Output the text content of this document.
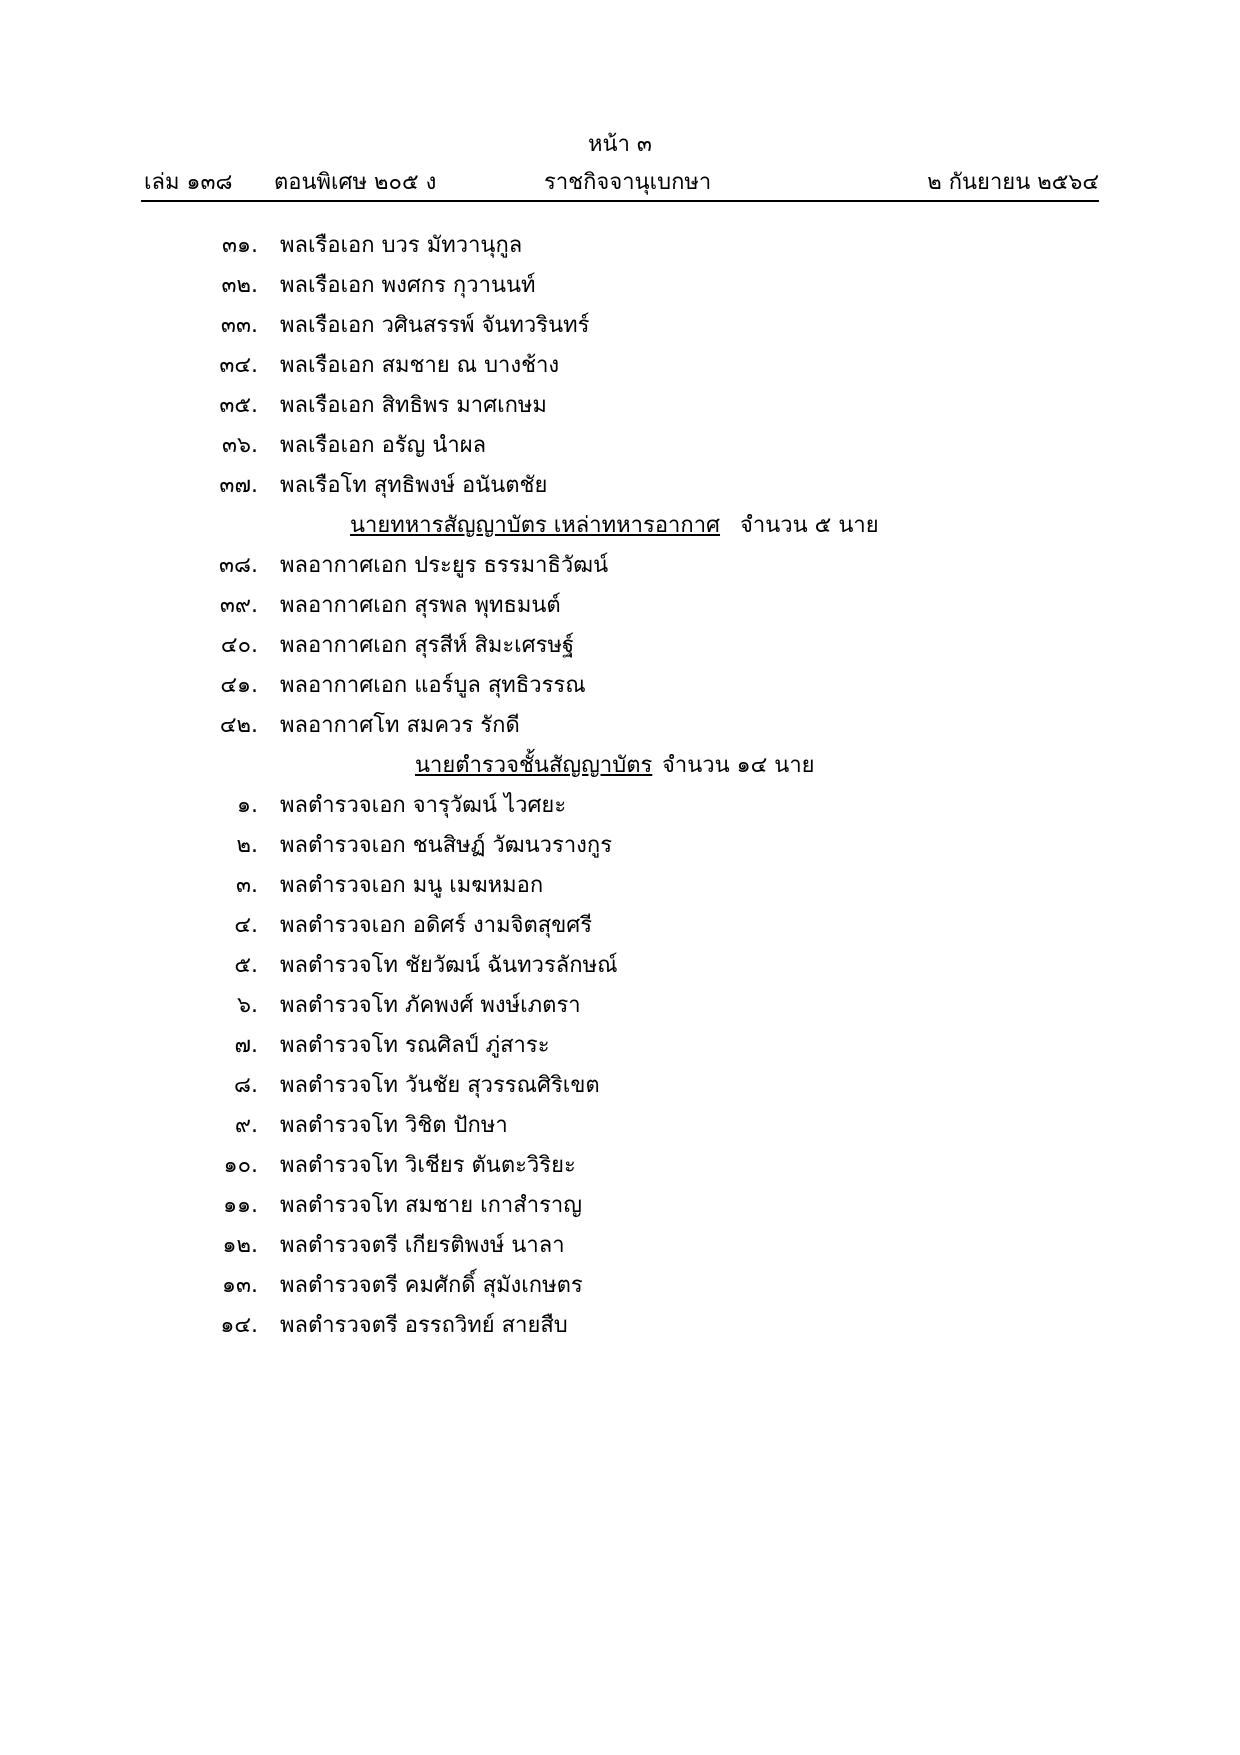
หน้า ๓
เล่ม ๑๓๘ ตอนพิเศษ ๒๐๕ ง	ราชกิจจานุเบกษา	๒ กันยายน ๒๕๖๔
๓๑. พลเรือเอก บวร มัทวานุกูล
๓๒. พลเรือเอก พงศกร กุวานนท์
๓๓. พลเรือเอก วศินสรรพ์ จันทวรินทร์
๓๔. พลเรือเอก สมชาย ณ บางช้าง
๓๕. พลเรือเอก สิทธิพร มาศเกษม
๓๖. พลเรือเอก อรัญ นำผล
๓๗. พลเรือโท สุทธิพงษ์ อนันตชัย
นายทหารสัญญาบัตร เหล่าทหารอากาศ จำนวน ๕ นาย
๓๘. พลอากาศเอก ประยูร ธรรมาธิวัฒน์
๓๙. พลอากาศเอก สุรพล พุทธมนต์
๔๐. พลอากาศเอก สุรสีห์ สิมะเศรษฐ์
๔๑. พลอากาศเอก แอร์บูล สุทธิวรรณ
๔๒. พลอากาศโท สมควร รักดี
นายตำรวจชั้นสัญญาบัตร จำนวน ๑๔ นาย
๑. พลตำรวจเอก จารุวัฒน์ ไวศยะ
๒. พลตำรวจเอก ชนสิษฏ์ วัฒนวรางกูร
๓. พลตำรวจเอก มนู เมฆหมอก
๔. พลตำรวจเอก อดิศร์ งามจิตสุขศรี
๕. พลตำรวจโท ชัยวัฒน์ ฉันทวรลักษณ์
๖. พลตำรวจโท ภัคพงศ์ พงษ์เภตรา
๗. พลตำรวจโท รณศิลป์ ภู่สาระ
๘. พลตำรวจโท วันชัย สุวรรณศิริเขต
๙. พลตำรวจโท วิชิต ปักษา
๑๐. พลตำรวจโท วิเชียร ตันตะวิริยะ
๑๑. พลตำรวจโท สมชาย เกาสำราญ
๑๒. พลตำรวจตรี เกียรติพงษ์ นาลา
๑๓. พลตำรวจตรี คมศักดิ์ สุมังเกษตร
๑๔. พลตำรวจตรี อรรถวิทย์ สายสืบ
